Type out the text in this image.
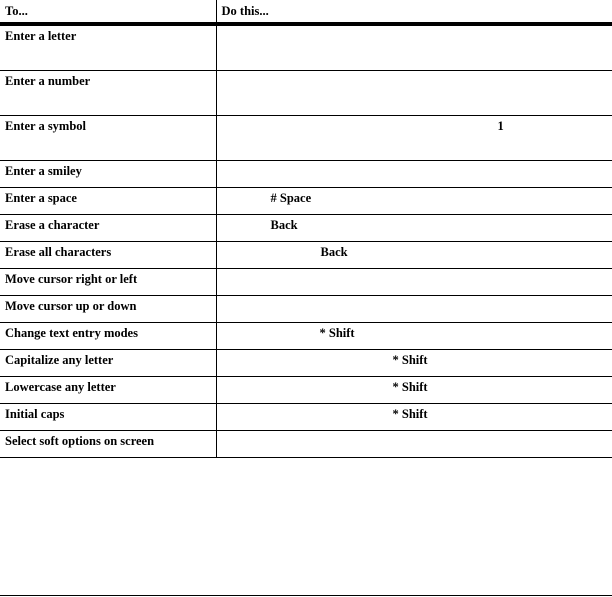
To...	Do this...

Enter a letter	

Enter a number	

Enter a symbol	1

Enter a smiley	

Enter a space	# Space

Erase a character	Back

Erase all characters	Back

Move cursor right or left	

Move cursor up or down	

Change text entry modes	* Shift

Capitalize any letter	* Shift

Lowercase any letter	* Shift

Initial caps	* Shift

Select soft options on screen	
